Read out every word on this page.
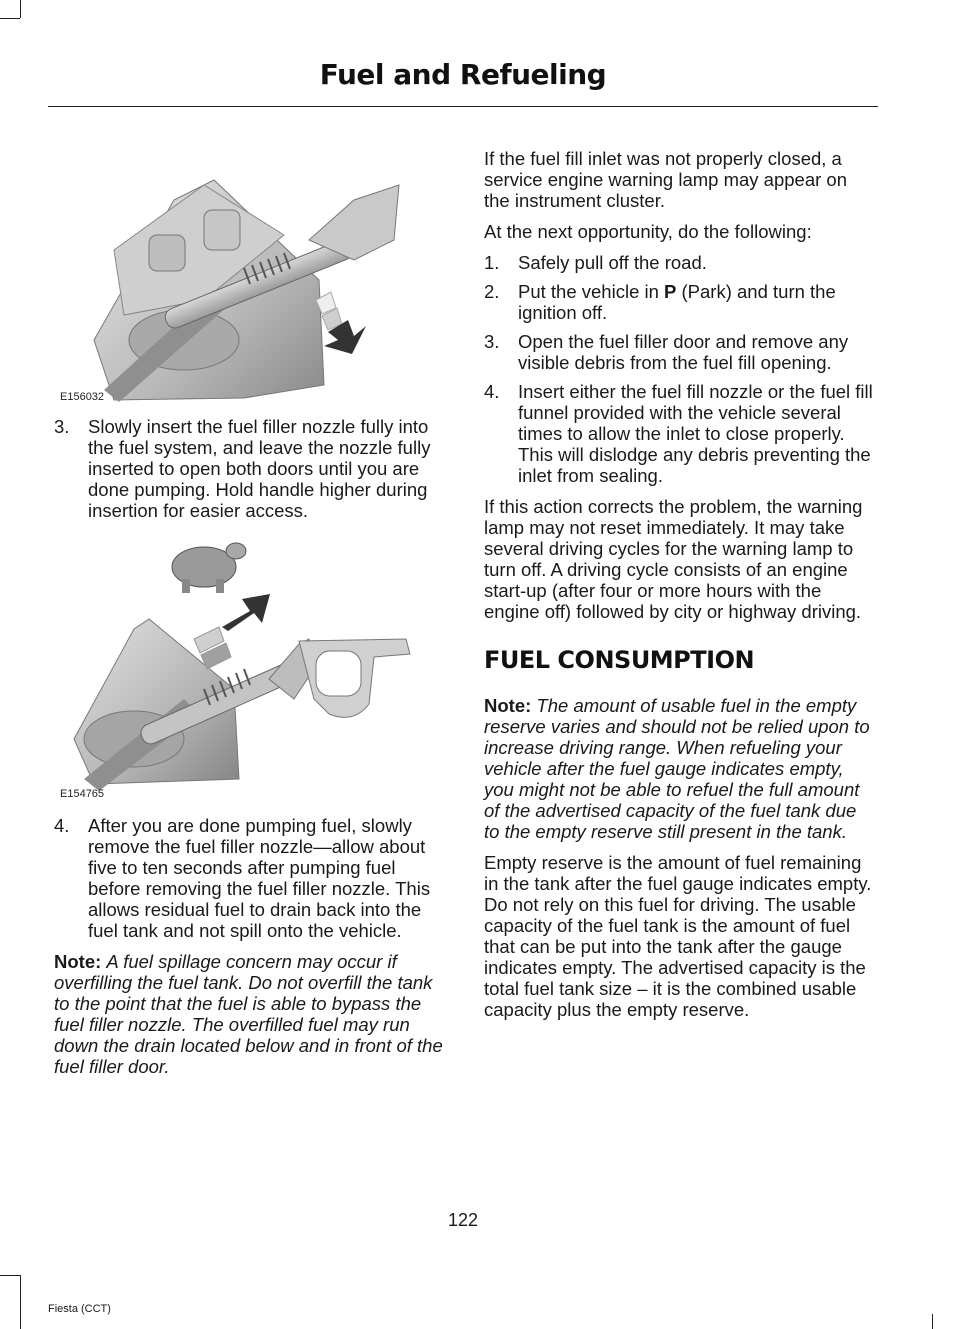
Fuel and Refueling
E156032
3. Slowly insert the fuel filler nozzle fully into the fuel system, and leave the nozzle fully inserted to open both doors until you are done pumping. Hold handle higher during insertion for easier access.
E154765
4. After you are done pumping fuel, slowly remove the fuel filler nozzle—allow about five to ten seconds after pumping fuel before removing the fuel filler nozzle. This allows residual fuel to drain back into the fuel tank and not spill onto the vehicle.

Note: A fuel spillage concern may occur if overfilling the fuel tank. Do not overfill the tank to the point that the fuel is able to bypass the fuel filler nozzle. The overfilled fuel may run down the drain located below and in front of the fuel filler door.

If the fuel fill inlet was not properly closed, a service engine warning lamp may appear on the instrument cluster.

At the next opportunity, do the following:

1. Safely pull off the road.
2. Put the vehicle in P (Park) and turn the ignition off.
3. Open the fuel filler door and remove any visible debris from the fuel fill opening.
4. Insert either the fuel fill nozzle or the fuel fill funnel provided with the vehicle several times to allow the inlet to close properly. This will dislodge any debris preventing the inlet from sealing.

If this action corrects the problem, the warning lamp may not reset immediately. It may take several driving cycles for the warning lamp to turn off. A driving cycle consists of an engine start-up (after four or more hours with the engine off) followed by city or highway driving.

FUEL CONSUMPTION

Note: The amount of usable fuel in the empty reserve varies and should not be relied upon to increase driving range. When refueling your vehicle after the fuel gauge indicates empty, you might not be able to refuel the full amount of the advertised capacity of the fuel tank due to the empty reserve still present in the tank.

Empty reserve is the amount of fuel remaining in the tank after the fuel gauge indicates empty. Do not rely on this fuel for driving. The usable capacity of the fuel tank is the amount of fuel that can be put into the tank after the gauge indicates empty. The advertised capacity is the total fuel tank size – it is the combined usable capacity plus the empty reserve.

122
Fiesta (CCT)
